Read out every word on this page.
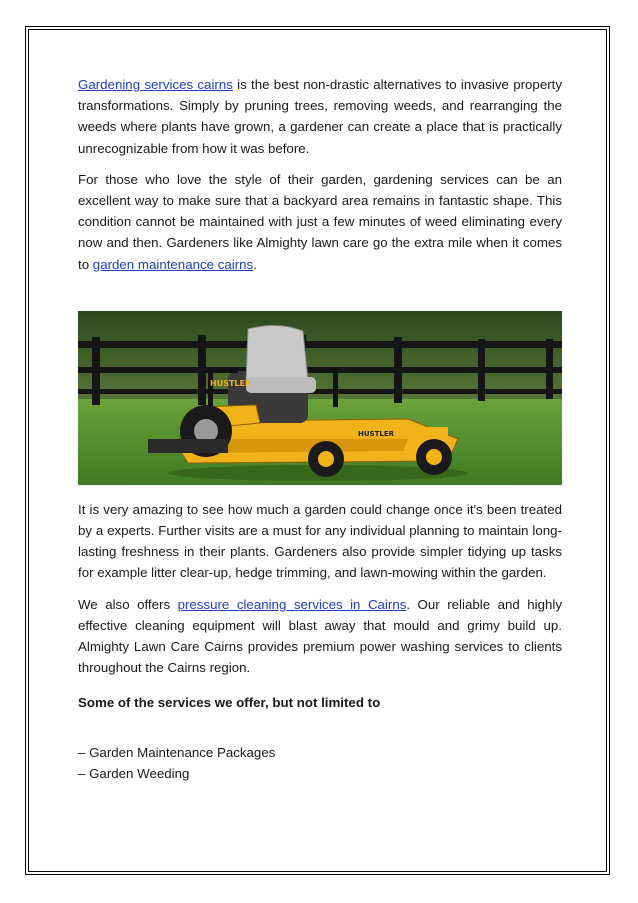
Gardening services cairns is the best non-drastic alternatives to invasive property transformations. Simply by pruning trees, removing weeds, and rearranging the weeds where plants have grown, a gardener can create a place that is practically unrecognizable from how it was before.

For those who love the style of their garden, gardening services can be an excellent way to make sure that a backyard area remains in fantastic shape. This condition cannot be maintained with just a few minutes of weed eliminating every now and then. Gardeners like Almighty lawn care go the extra mile when it comes to garden maintenance cairns.

HUSTLER
HUSTLER

It is very amazing to see how much a garden could change once it's been treated by a experts. Further visits are a must for any individual planning to maintain long-lasting freshness in their plants. Gardeners also provide simpler tidying up tasks for example litter clear-up, hedge trimming, and lawn-mowing within the garden.

We also offers pressure cleaning services in Cairns. Our reliable and highly effective cleaning equipment will blast away that mould and grimy build up. Almighty Lawn Care Cairns provides premium power washing services to clients throughout the Cairns region.

Some of the services we offer, but not limited to

– Garden Maintenance Packages
– Garden Weeding
